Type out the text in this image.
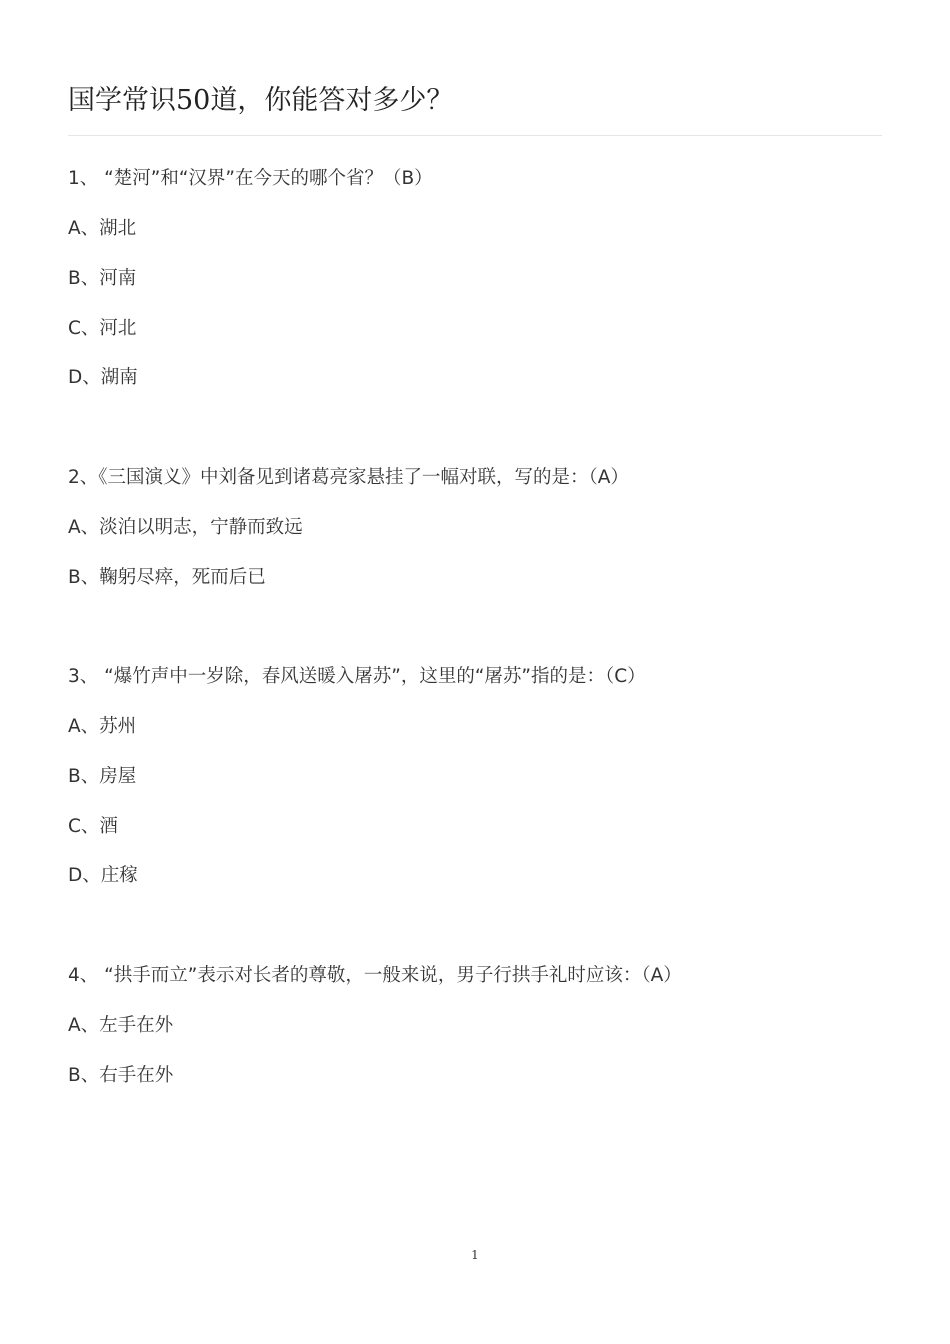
国学常识50道，你能答对多少？
1、 “楚河”和“汉界”在今天的哪个省？（B）
A、湖北
B、河南
C、河北
D、湖南
2、《三国演义》中刘备见到诸葛亮家悬挂了一幅对联，写的是：（A）
A、淡泊以明志，宁静而致远
B、鞠躬尽瘁，死而后已
3、 “爆竹声中一岁除，春风送暖入屠苏”，这里的“屠苏”指的是：（C）
A、苏州
B、房屋
C、酒
D、庄稼
4、 “拱手而立”表示对长者的尊敬，一般来说，男子行拱手礼时应该：（A）
A、左手在外
B、右手在外
1
